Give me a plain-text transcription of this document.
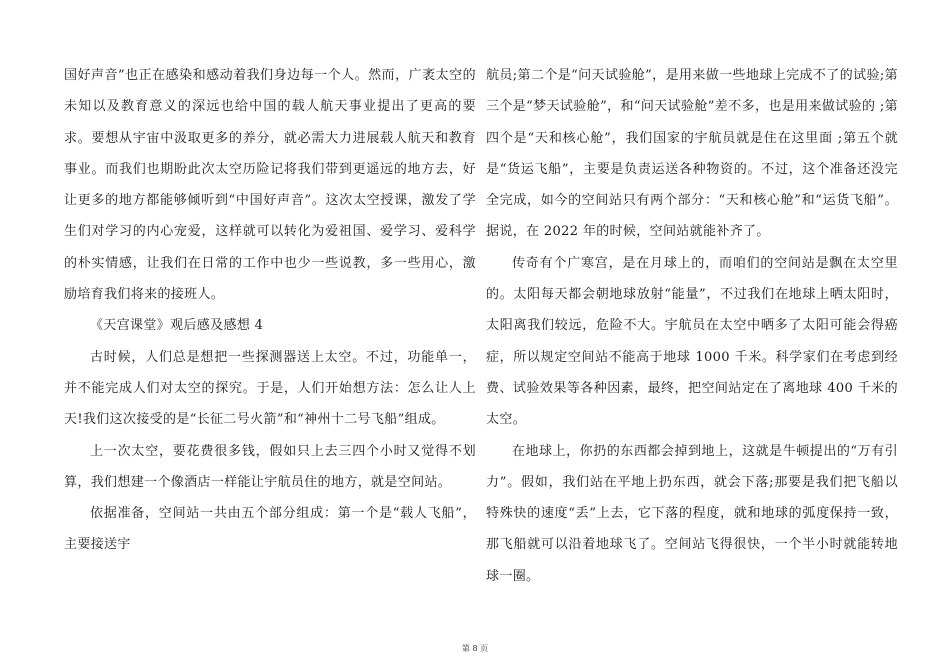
国好声音”也正在感染和感动着我们身边每一个人。然而，广袤太空的未知以及教育意义的深远也给中国的载人航天事业提出了更高的要求。要想从宇宙中汲取更多的养分，就必需大力进展载人航天和教育事业。而我们也期盼此次太空历险记将我们带到更遥远的地方去，好让更多的地方都能够倾听到“中国好声音”。这次太空授课，激发了学生们对学习的内心宠爱，这样就可以转化为爱祖国、爱学习、爱科学的朴实情感，让我们在日常的工作中也少一些说教，多一些用心，激励培育我们将来的接班人。

《天宫课堂》观后感及感想 4

古时候，人们总是想把一些探测器送上太空。不过，功能单一，并不能完成人们对太空的探究。于是，人们开始想方法：怎么让人上天!我们这次接受的是“长征二号火箭”和“神州十二号飞船”组成。

上一次太空，要花费很多钱，假如只上去三四个小时又觉得不划算，我们想建一个像酒店一样能让宇航员住的地方，就是空间站。

依据准备，空间站一共由五个部分组成：第一个是“载人飞船”，主要接送宇

航员;第二个是“问天试验舱”，是用来做一些地球上完成不了的试验;第三个是“梦天试验舱”，和“问天试验舱”差不多，也是用来做试验的 ;第四个是“天和核心舱”，我们国家的宇航员就是住在这里面 ;第五个就是“货运飞船”，主要是负责运送各种物资的。不过，这个准备还没完全完成，如今的空间站只有两个部分：“天和核心舱”和“运货飞船”。据说，在 2022 年的时候，空间站就能补齐了。

传奇有个广寒宫，是在月球上的，而咱们的空间站是飘在太空里的。太阳每天都会朝地球放射“能量”，不过我们在地球上晒太阳时，太阳离我们较远，危险不大。宇航员在太空中晒多了太阳可能会得癌症，所以规定空间站不能高于地球 1000 千米。科学家们在考虑到经费、试验效果等各种因素，最终，把空间站定在了离地球 400 千米的太空。

在地球上，你扔的东西都会掉到地上，这就是牛顿提出的“万有引力”。假如，我们站在平地上扔东西，就会下落;那要是我们把飞船以特殊快的速度“丢”上去，它下落的程度，就和地球的弧度保持一致，那飞船就可以沿着地球飞了。空间站飞得很快，一个半小时就能转地球一圈。

第 8 页
